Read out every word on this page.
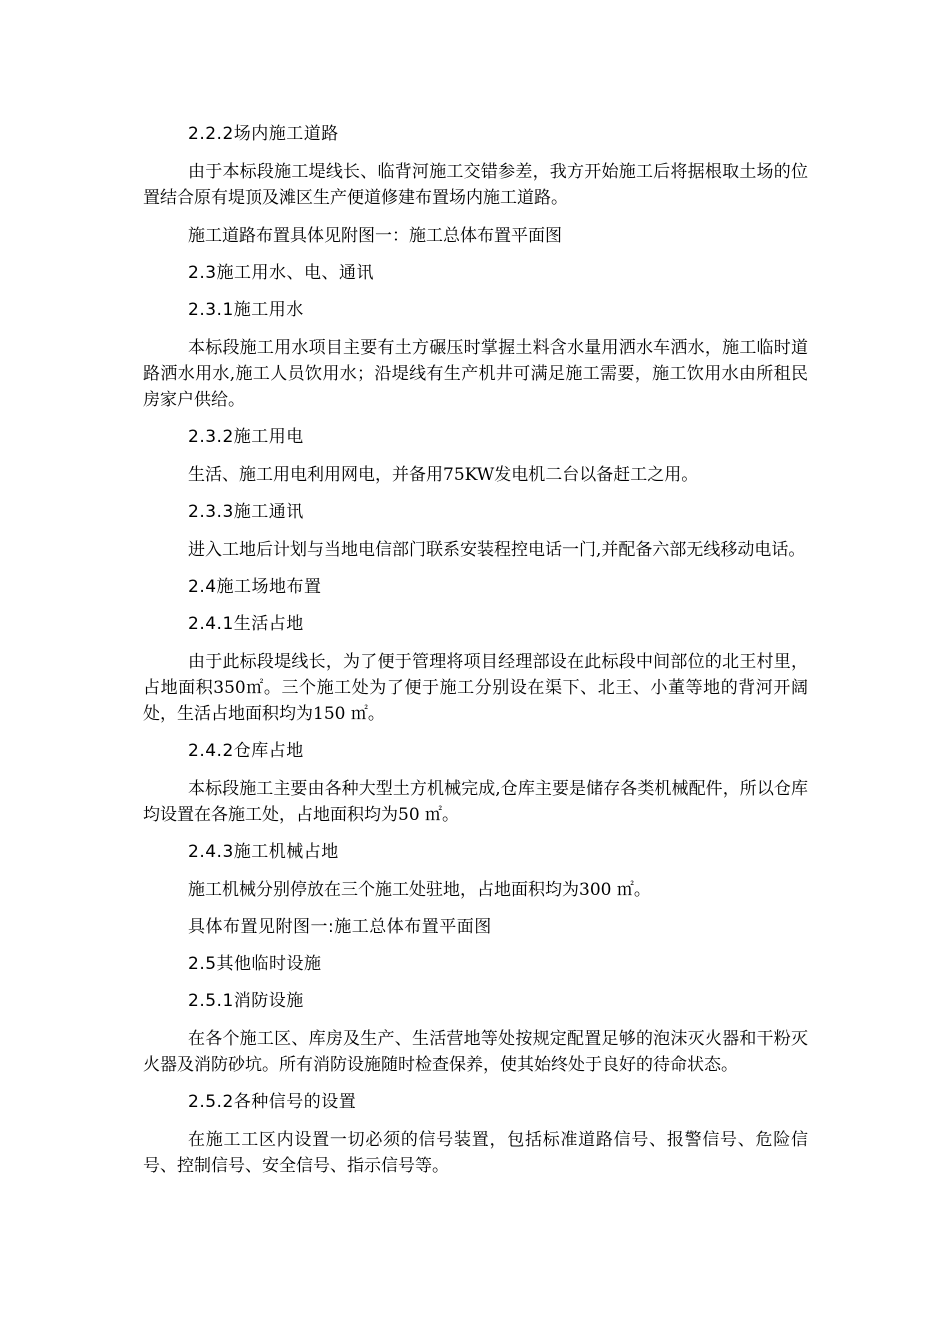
2.2.2场内施工道路

由于本标段施工堤线长、临背河施工交错参差，我方开始施工后将据根取土场的位置结合原有堤顶及滩区生产便道修建布置场内施工道路。

施工道路布置具体见附图一：施工总体布置平面图

2.3施工用水、电、通讯
2.3.1施工用水

本标段施工用水项目主要有土方碾压时掌握土料含水量用洒水车洒水，施工临时道路洒水用水,施工人员饮用水；沿堤线有生产机井可满足施工需要，施工饮用水由所租民房家户供给。

2.3.2施工用电

生活、施工用电利用网电，并备用75KW发电机二台以备赶工之用。

2.3.3施工通讯

进入工地后计划与当地电信部门联系安装程控电话一门,并配备六部无线移动电话。

2.4施工场地布置
2.4.1生活占地

由于此标段堤线长，为了便于管理将项目经理部设在此标段中间部位的北王村里，占地面积350㎡。三个施工处为了便于施工分别设在渠下、北王、小董等地的背河开阔处，生活占地面积均为150 ㎡。

2.4.2仓库占地

本标段施工主要由各种大型土方机械完成,仓库主要是储存各类机械配件，所以仓库均设置在各施工处，占地面积均为50 ㎡。

2.4.3施工机械占地

施工机械分别停放在三个施工处驻地，占地面积均为300 ㎡。

具体布置见附图一:施工总体布置平面图
2.5其他临时设施
2.5.1消防设施

在各个施工区、库房及生产、生活营地等处按规定配置足够的泡沫灭火器和干粉灭火器及消防砂坑。所有消防设施随时检查保养，使其始终处于良好的待命状态。

2.5.2各种信号的设置

在施工工区内设置一切必须的信号装置，包括标准道路信号、报警信号、危险信号、控制信号、安全信号、指示信号等。
